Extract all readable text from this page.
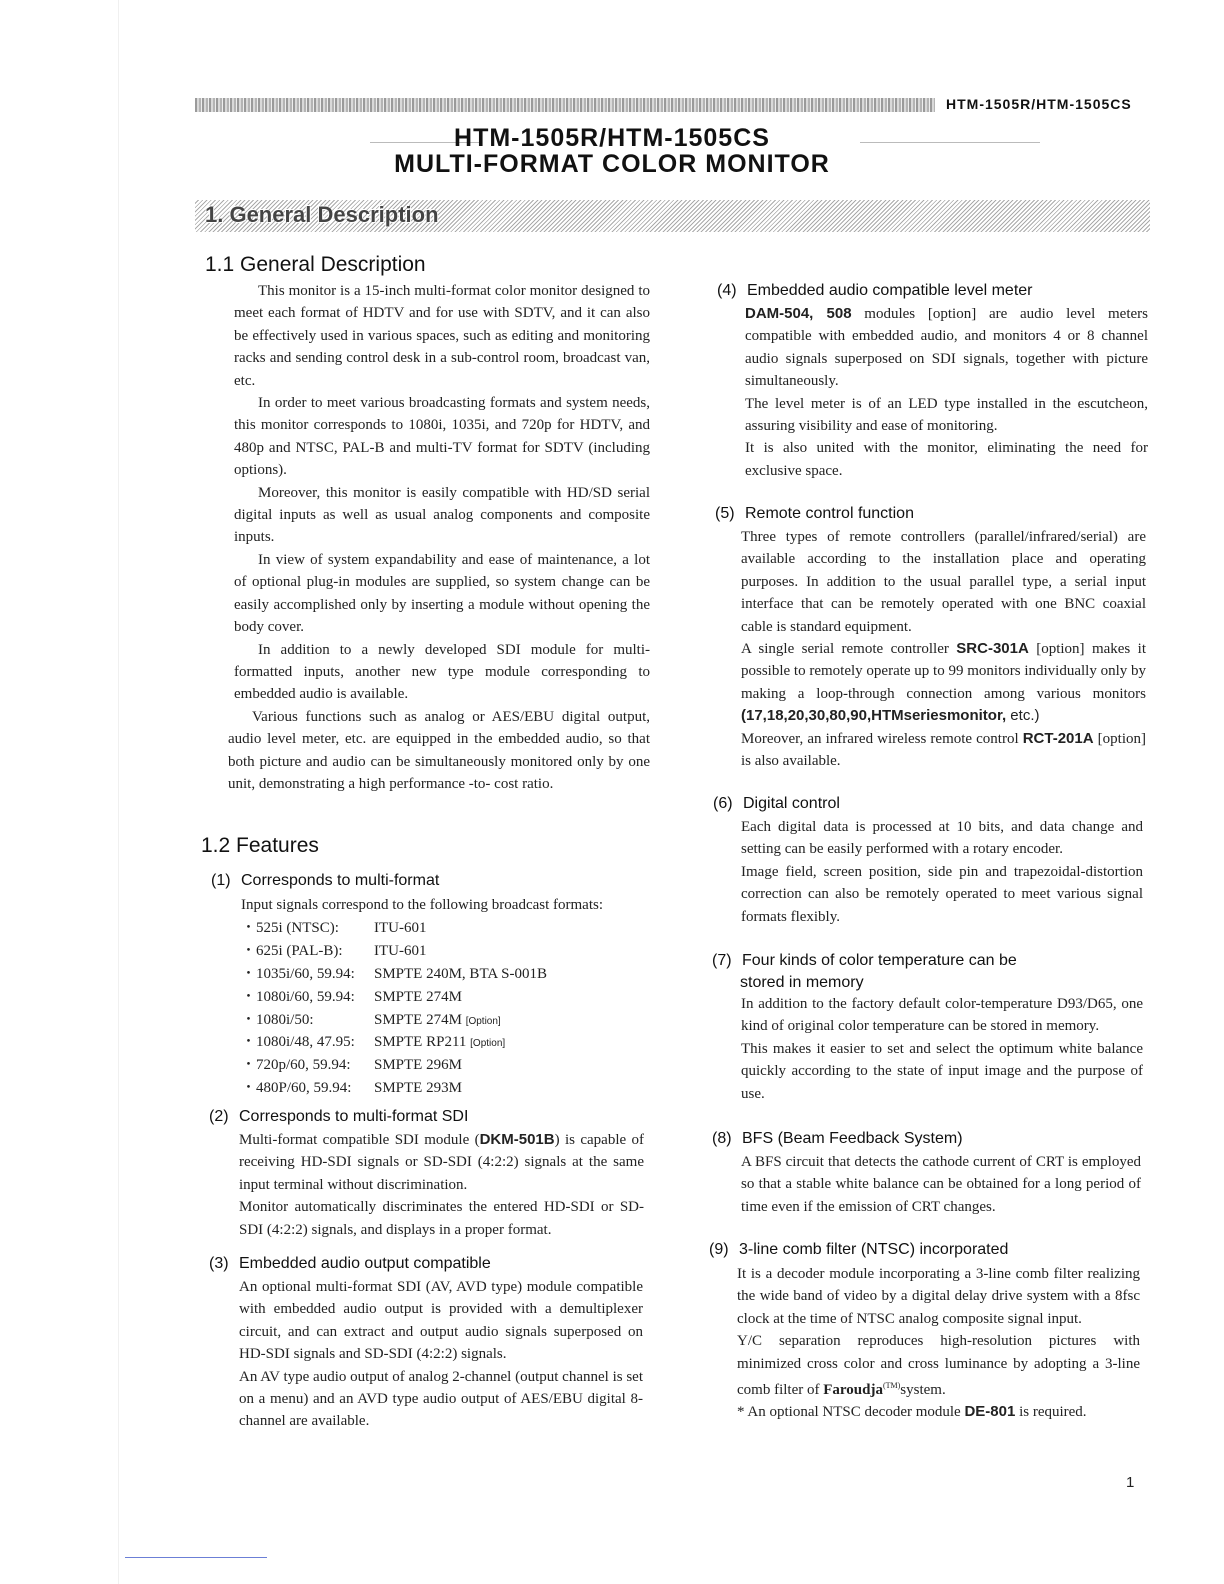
HTM-1505R/HTM-1505CS
HTM-1505R/HTM-1505CS
MULTI-FORMAT COLOR MONITOR
1. General Description
1.1 General Description

This monitor is a 15-inch multi-format color monitor designed to meet each format of HDTV and for use with SDTV, and it can also be effectively used in various spaces, such as editing and monitoring racks and sending control desk in a sub-control room, broadcast van, etc.

In order to meet various broadcasting formats and system needs, this monitor corresponds to 1080i, 1035i, and 720p for HDTV, and 480p and NTSC, PAL-B and multi-TV format for SDTV (including options).

Moreover, this monitor is easily compatible with HD/SD serial digital inputs as well as usual analog components and composite inputs.

In view of system expandability and ease of maintenance, a lot of optional plug-in modules are supplied, so system change can be easily accomplished only by inserting a module without opening the body cover.

In addition to a newly developed SDI module for multi-formatted inputs, another new type module corresponding to embedded audio is available.

Various functions such as analog or AES/EBU digital output, audio level meter, etc. are equipped in the embedded audio, so that both picture and audio can be simultaneously monitored only by one unit, demonstrating a high performance -to- cost ratio.

1.2 Features
(1) Corresponds to multi-format

Input signals correspond to the following broadcast formats:

・525i (NTSC): ITU-601
・625i (PAL-B): ITU-601
・1035i/60, 59.94: SMPTE 240M, BTA S-001B
・1080i/60, 59.94: SMPTE 274M
・1080i/50:	SMPTE 274M [Option]
・1080i/48, 47.95: SMPTE RP211 [Option]
・720p/60, 59.94: SMPTE 296M
・480P/60, 59.94: SMPTE 293M
(2) Corresponds to multi-format SDI

Multi-format compatible SDI module (DKM-501B) is capable of receiving HD-SDI signals or SD-SDI (4:2:2) signals at the same input terminal without discrimination.

Monitor automatically discriminates the entered HD-SDI or SD-SDI (4:2:2) signals, and displays in a proper format.

(3) Embedded audio output compatible

An optional multi-format SDI (AV, AVD type) module compatible with embedded audio output is provided with a demultiplexer circuit, and can extract and output audio signals superposed on HD-SDI signals and SD-SDI (4:2:2) signals.

An AV type audio output of analog 2-channel (output channel is set on a menu) and an AVD type audio output of AES/EBU digital 8-channel are available.

(4) Embedded audio compatible level meter

DAM-504, 508 modules [option] are audio level meters compatible with embedded audio, and monitors 4 or 8 channel audio signals superposed on SDI signals, together with picture simultaneously.

The level meter is of an LED type installed in the escutcheon, assuring visibility and ease of monitoring.

It is also united with the monitor, eliminating the need for exclusive space.

(5) Remote control function

Three types of remote controllers (parallel/infrared/serial) are available according to the installation place and operating purposes. In addition to the usual parallel type, a serial input interface that can be remotely operated with one BNC coaxial cable is standard equipment.

A single serial remote controller SRC-301A [option] makes it possible to remotely operate up to 99 monitors individually only by making a loop-through connection among various monitors (17,18,20,30,80,90,HTMseriesmonitor, etc.)

Moreover, an infrared wireless remote control RCT-201A [option] is also available.

(6) Digital control

Each digital data is processed at 10 bits, and data change and setting can be easily performed with a rotary encoder.

Image field, screen position, side pin and trapezoidal-distortion correction can also be remotely operated to meet various signal formats flexibly.

(7) Four kinds of color temperature can be
stored in memory

In addition to the factory default color-temperature D93/D65, one kind of original color temperature can be stored in memory.

This makes it easier to set and select the optimum white balance quickly according to the state of input image and the purpose of use.

(8) BFS (Beam Feedback System)

A BFS circuit that detects the cathode current of CRT is employed so that a stable white balance can be obtained for a long period of time even if the emission of CRT changes.

(9) 3-line comb filter (NTSC) incorporated

It is a decoder module incorporating a 3-line comb filter realizing the wide band of video by a digital delay drive system with a 8fsc clock at the time of NTSC analog composite signal input.

Y/C separation reproduces high-resolution pictures with minimized cross color and cross luminance by adopting a 3-line comb filter of Faroudja$^{(TM)}$system.

* An optional NTSC decoder module DE-801 is required.

1
